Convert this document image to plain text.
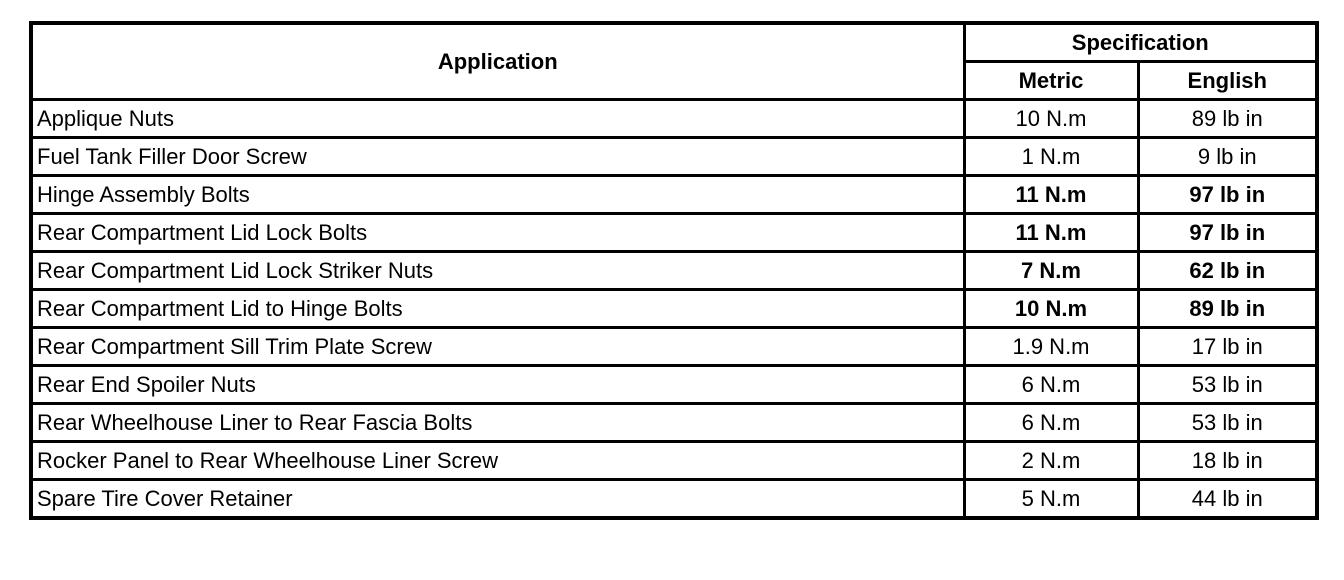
Application	Specification	
	Metric	English
Applique Nuts	10 N.m	89 lb in
Fuel Tank Filler Door Screw	1 N.m	9 lb in
Hinge Assembly Bolts	11 N.m	97 lb in
Rear Compartment Lid Lock Bolts	11 N.m	97 lb in
Rear Compartment Lid Lock Striker Nuts	7 N.m	62 lb in
Rear Compartment Lid to Hinge Bolts	10 N.m	89 lb in
Rear Compartment Sill Trim Plate Screw	1.9 N.m	17 lb in
Rear End Spoiler Nuts	6 N.m	53 lb in
Rear Wheelhouse Liner to Rear Fascia Bolts	6 N.m	53 lb in
Rocker Panel to Rear Wheelhouse Liner Screw	2 N.m	18 lb in
Spare Tire Cover Retainer	5 N.m	44 lb in
